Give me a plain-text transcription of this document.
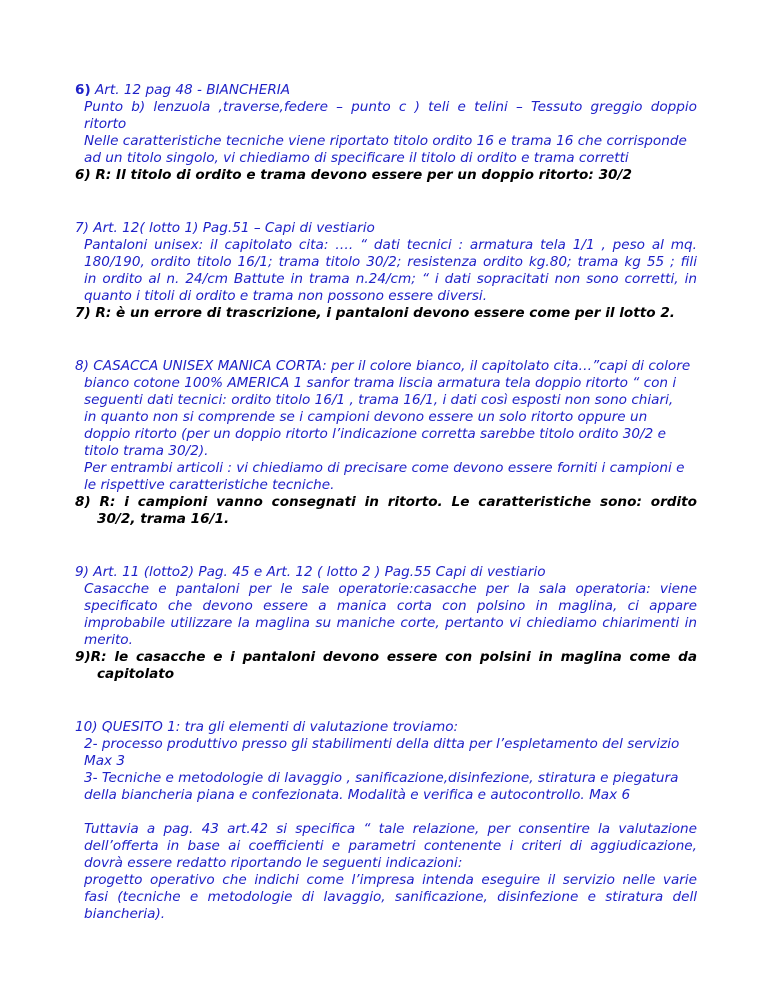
6) Art. 12 pag 48 - BIANCHERIA

Punto b) lenzuola ,traverse,federe – punto c ) teli e telini – Tessuto greggio doppio

ritorto

Nelle caratteristiche tecniche viene riportato titolo ordito 16 e trama 16 che corrisponde

ad un titolo singolo, vi chiediamo di specificare il titolo di ordito e trama corretti

6) R: Il titolo di ordito e trama devono essere per un doppio ritorto: 30/2

7) Art. 12( lotto 1) Pag.51 – Capi di vestiario

Pantaloni unisex: il capitolato cita: …. “ dati tecnici : armatura tela 1/1 , peso al mq.

180/190, ordito titolo 16/1; trama titolo 30/2; resistenza ordito kg.80; trama kg 55 ; fili

in ordito al n. 24/cm Battute in trama n.24/cm; “ i dati sopracitati non sono corretti, in

quanto i titoli di ordito e trama non possono essere diversi.

7) R: è un errore di trascrizione, i pantaloni devono essere come per il lotto 2.

8) CASACCA UNISEX MANICA CORTA: per il colore bianco, il capitolato cita…”capi di colore

bianco cotone 100% AMERICA 1 sanfor trama liscia armatura tela doppio ritorto “ con i

seguenti dati tecnici: ordito titolo 16/1 , trama 16/1, i dati così esposti non sono chiari,

in quanto non si comprende se i campioni devono essere un solo ritorto oppure un

doppio ritorto (per un doppio ritorto l’indicazione corretta sarebbe titolo ordito 30/2 e

titolo trama 30/2).

Per entrambi articoli : vi chiediamo di precisare come devono essere forniti i campioni e

le rispettive caratteristiche tecniche.

8) R: i campioni vanno consegnati in ritorto. Le caratteristiche sono: ordito

30/2, trama 16/1.

9) Art. 11 (lotto2) Pag. 45 e Art. 12 ( lotto 2 ) Pag.55 Capi di vestiario

Casacche e pantaloni per le sale operatorie:casacche per la sala operatoria: viene

specificato che devono essere a manica corta con polsino in maglina, ci appare

improbabile utilizzare la maglina su maniche corte, pertanto vi chiediamo chiarimenti in

merito.

9)R: le casacche e i pantaloni devono essere con polsini in maglina come da

capitolato

10) QUESITO 1: tra gli elementi di valutazione troviamo:

2- processo produttivo presso gli stabilimenti della ditta per l’espletamento del servizio

Max 3

3- Tecniche e metodologie di lavaggio , sanificazione,disinfezione, stiratura e piegatura

della biancheria piana e confezionata. Modalità e verifica e autocontrollo. Max 6

Tuttavia a pag. 43 art.42 si specifica “ tale relazione, per consentire la valutazione

dell’offerta in base ai coefficienti e parametri contenente i criteri di aggiudicazione,

dovrà essere redatto riportando le seguenti indicazioni:

progetto operativo che indichi come l’impresa intenda eseguire il servizio nelle varie

fasi (tecniche e metodologie di lavaggio, sanificazione, disinfezione e stiratura dell

biancheria).
